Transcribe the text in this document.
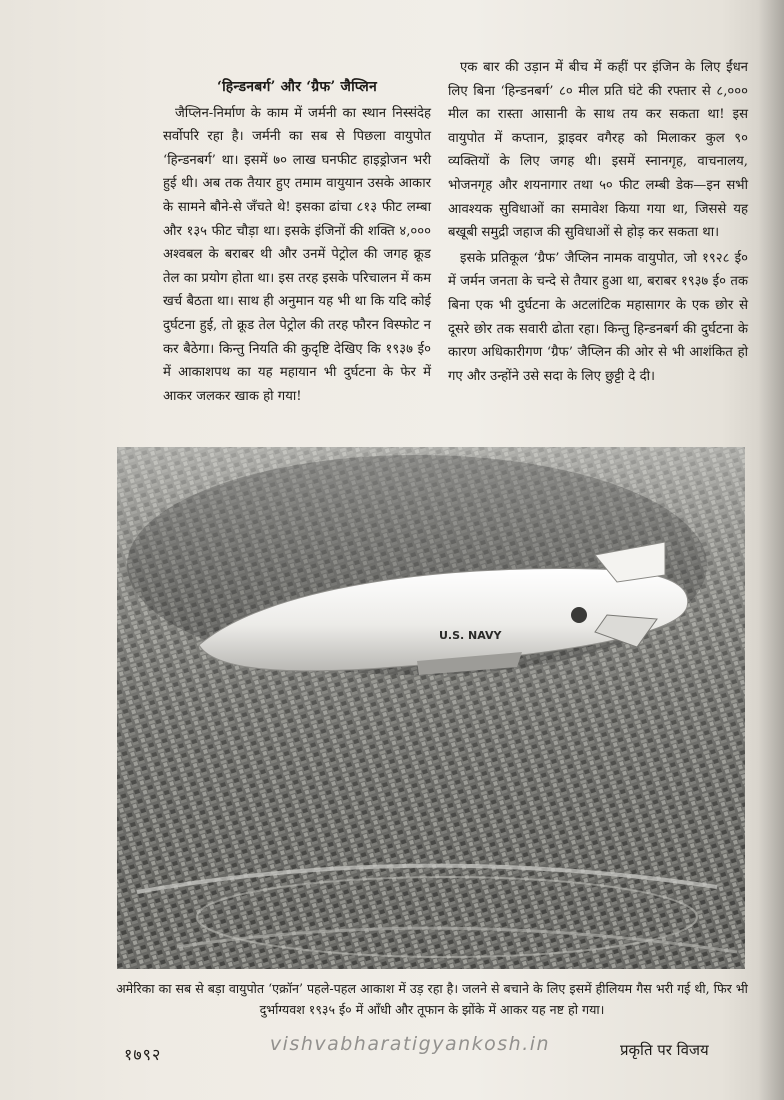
‘हिन्डनबर्ग’ और ‘ग्रैफ’ जैप्लिन

जैप्लिन-निर्माण के काम में जर्मनी का स्थान निस्संदेह सर्वोपरि रहा है। जर्मनी का सब से पिछला वायुपोत ‘हिन्डनबर्ग’ था। इसमें ७० लाख घनफीट हाइड्रोजन भरी हुई थी। अब तक तैयार हुए तमाम वायुयान उसके आकार के सामने बौने-से जँचते थे! इसका ढांचा ८१३ फीट लम्बा और १३५ फीट चौड़ा था। इसके इंजिनों की शक्ति ४,००० अश्वबल के बराबर थी और उनमें पेट्रोल की जगह क्रूड तेल का प्रयोग होता था। इस तरह इसके परिचालन में कम खर्च बैठता था। साथ ही अनुमान यह भी था कि यदि कोई दुर्घटना हुई, तो क्रूड तेल पेट्रोल की तरह फौरन विस्फोट न कर बैठेगा। किन्तु नियति की कुदृष्टि देखिए कि १९३७ ई० में आकाशपथ का यह महायान भी दुर्घटना के फेर में आकर जलकर खाक हो गया!

एक बार की उड़ान में बीच में कहीं पर इंजिन के लिए ईंधन लिए बिना ‘हिन्डनबर्ग’ ८० मील प्रति घंटे की रफ्तार से ८,००० मील का रास्ता आसानी के साथ तय कर सकता था! इस वायुपोत में कप्तान, ड्राइवर वगैरह को मिलाकर कुल ९० व्यक्तियों के लिए जगह थी। इसमें स्नानगृह, वाचनालय, भोजनगृह और शयनागार तथा ५० फीट लम्बी डेक—इन सभी आवश्यक सुविधाओं का समावेश किया गया था, जिससे यह बखूबी समुद्री जहाज की सुविधाओं से होड़ कर सकता था।

इसके प्रतिकूल ‘ग्रैफ’ जैप्लिन नामक वायुपोत, जो १९२८ ई० में जर्मन जनता के चन्दे से तैयार हुआ था, बराबर १९३७ ई० तक बिना एक भी दुर्घटना के अटलांटिक महासागर के एक छोर से दूसरे छोर तक सवारी ढोता रहा। किन्तु हिन्डनबर्ग की दुर्घटना के कारण अधिकारीगण ‘ग्रैफ’ जैप्लिन की ओर से भी आशंकित हो गए और उन्होंने उसे सदा के लिए छुट्टी दे दी।

U.S. NAVY
अमेरिका का सब से बड़ा वायुपोत ‘एक्रॉन’ पहले-पहल आकाश में उड़ रहा है। जलने से बचाने के लिए इसमें हीलियम गैस भरी गई थी, फिर भी दुर्भाग्यवश १९३५ ई० में आँधी और तूफान के झोंके में आकर यह नष्ट हो गया।
१७९२	vishvabharatigyankosh.in	प्रकृति पर विजय
